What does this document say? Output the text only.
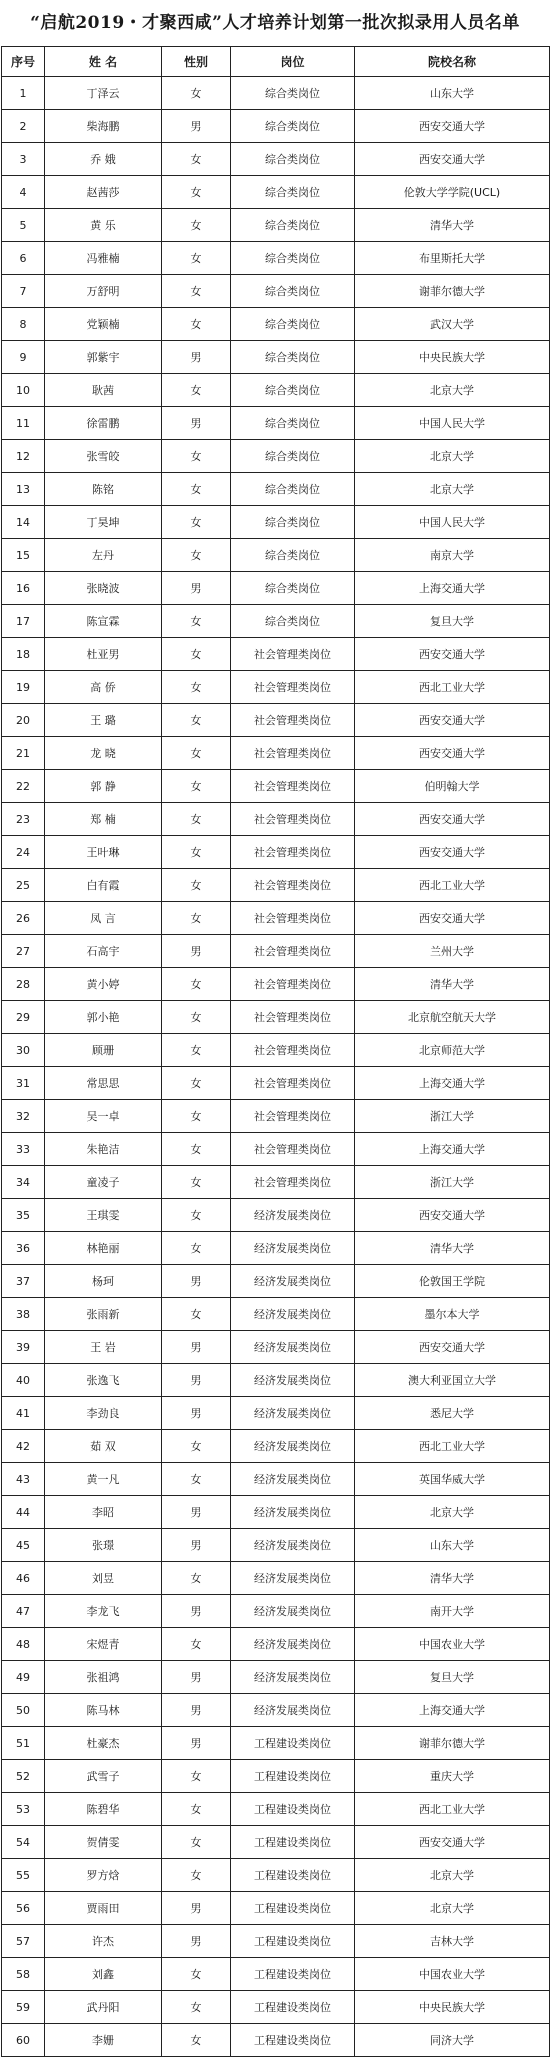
“启航2019・才聚西咸”人才培养计划第一批次拟录用人员名单
序号	姓 名	性别	岗位	院校名称
1	丁泽云	女	综合类岗位	山东大学
2	柴海鹏	男	综合类岗位	西安交通大学
3	乔 娥	女	综合类岗位	西安交通大学
4	赵茜莎	女	综合类岗位	伦敦大学学院(UCL)
5	黄 乐	女	综合类岗位	清华大学
6	冯雅楠	女	综合类岗位	布里斯托大学
7	万舒明	女	综合类岗位	谢菲尔德大学
8	党颖楠	女	综合类岗位	武汉大学
9	郭紫宇	男	综合类岗位	中央民族大学
10	耿茜	女	综合类岗位	北京大学
11	徐雷鹏	男	综合类岗位	中国人民大学
12	张雪皎	女	综合类岗位	北京大学
13	陈铭	女	综合类岗位	北京大学
14	丁昊坤	女	综合类岗位	中国人民大学
15	左丹	女	综合类岗位	南京大学
16	张晓波	男	综合类岗位	上海交通大学
17	陈宣霖	女	综合类岗位	复旦大学
18	杜亚男	女	社会管理类岗位	西安交通大学
19	高 侨	女	社会管理类岗位	西北工业大学
20	王 璐	女	社会管理类岗位	西安交通大学
21	龙 晓	女	社会管理类岗位	西安交通大学
22	郭 静	女	社会管理类岗位	伯明翰大学
23	郑 楠	女	社会管理类岗位	西安交通大学
24	王叶琳	女	社会管理类岗位	西安交通大学
25	白有霞	女	社会管理类岗位	西北工业大学
26	凤 言	女	社会管理类岗位	西安交通大学
27	石高宇	男	社会管理类岗位	兰州大学
28	黄小婷	女	社会管理类岗位	清华大学
29	郭小艳	女	社会管理类岗位	北京航空航天大学
30	顾珊	女	社会管理类岗位	北京师范大学
31	常思思	女	社会管理类岗位	上海交通大学
32	吴一卓	女	社会管理类岗位	浙江大学
33	朱艳洁	女	社会管理类岗位	上海交通大学
34	童凌子	女	社会管理类岗位	浙江大学
35	王琪雯	女	经济发展类岗位	西安交通大学
36	林艳丽	女	经济发展类岗位	清华大学
37	杨珂	男	经济发展类岗位	伦敦国王学院
38	张雨新	女	经济发展类岗位	墨尔本大学
39	王 岩	男	经济发展类岗位	西安交通大学
40	张逸飞	男	经济发展类岗位	澳大利亚国立大学
41	李劲良	男	经济发展类岗位	悉尼大学
42	茹 双	女	经济发展类岗位	西北工业大学
43	黄一凡	女	经济发展类岗位	英国华威大学
44	李昭	男	经济发展类岗位	北京大学
45	张璟	男	经济发展类岗位	山东大学
46	刘昱	女	经济发展类岗位	清华大学
47	李龙飞	男	经济发展类岗位	南开大学
48	宋煜青	女	经济发展类岗位	中国农业大学
49	张祖鸿	男	经济发展类岗位	复旦大学
50	陈马林	男	经济发展类岗位	上海交通大学
51	杜豪杰	男	工程建设类岗位	谢菲尔德大学
52	武雪子	女	工程建设类岗位	重庆大学
53	陈碧华	女	工程建设类岗位	西北工业大学
54	贺倩雯	女	工程建设类岗位	西安交通大学
55	罗方焓	女	工程建设类岗位	北京大学
56	贾雨田	男	工程建设类岗位	北京大学
57	许杰	男	工程建设类岗位	吉林大学
58	刘鑫	女	工程建设类岗位	中国农业大学
59	武丹阳	女	工程建设类岗位	中央民族大学
60	李姗	女	工程建设类岗位	同济大学
